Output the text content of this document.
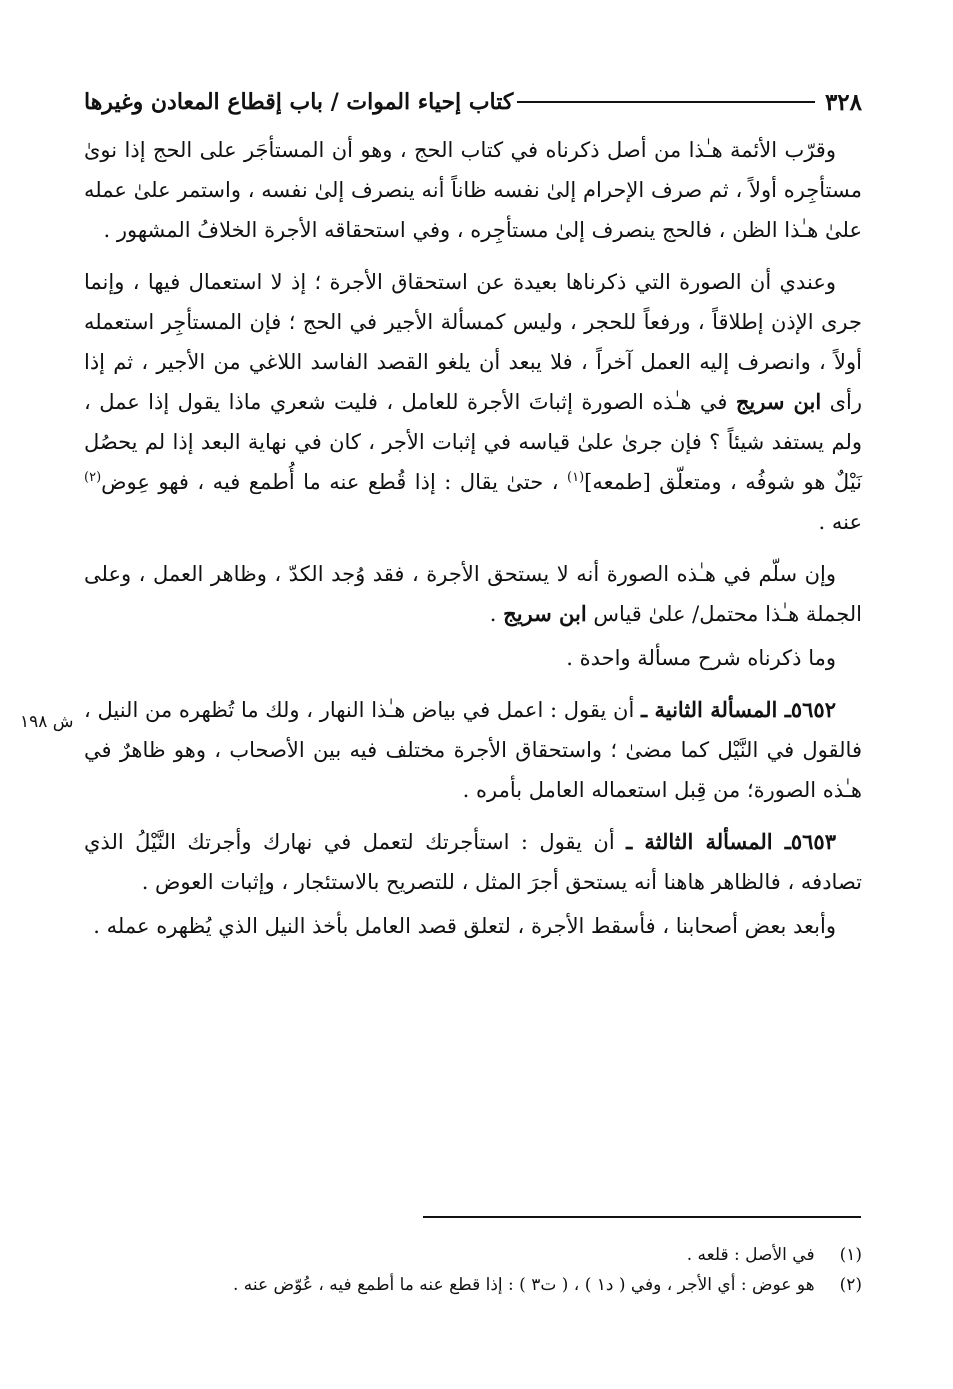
٣٢٨
كتاب إحياء الموات / باب إقطاع المعادن وغيرها

وقرّب الأئمة هـٰذا من أصل ذكرناه في كتاب الحج ، وهو أن المستأجَر على الحج إذا نوىٰ مستأجِره أولاً ، ثم صرف الإحرام إلىٰ نفسه ظاناً أنه ينصرف إلىٰ نفسه ، واستمر علىٰ عمله علىٰ هـٰذا الظن ، فالحج ينصرف إلىٰ مستأجِره ، وفي استحقاقه الأجرة الخلافُ المشهور .

وعندي أن الصورة التي ذكرناها بعيدة عن استحقاق الأجرة ؛ إذ لا استعمال فيها ، وإنما جرى الإذن إطلاقاً ، ورفعاً للحجر ، وليس كمسألة الأجير في الحج ؛ فإن المستأجِر استعمله أولاً ، وانصرف إليه العمل آخراً ، فلا يبعد أن يلغو القصد الفاسد اللاغي من الأجير ، ثم إذا رأى ابن سريج في هـٰذه الصورة إثباتَ الأجرة للعامل ، فليت شعري ماذا يقول إذا عمل ، ولم يستفد شيئاً ؟ فإن جرىٰ علىٰ قياسه في إثبات الأجر ، كان في نهاية البعد إذا لم يحصُل نَيْلٌ هو شوفُه ، ومتعلّق [طمعه]$^{(١)}$ ، حتىٰ يقال : إذا قُطع عنه ما أُطمع فيه ، فهو عِوض$^{(٢)}$ عنه .

وإن سلّم في هـٰذه الصورة أنه لا يستحق الأجرة ، فقد وُجد الكدّ ، وظاهر العمل ، وعلى الجملة هـٰذا محتمل/ علىٰ قياس ابن سريج .

وما ذكرناه شرح مسألة واحدة .

٥٦٥٢ـ المسألة الثانية ـ أن يقول : اعمل في بياض هـٰذا النهار ، ولك ما تُظهره من النيل ، فالقول في النَّيْل كما مضىٰ ؛ واستحقاق الأجرة مختلف فيه بين الأصحاب ، وهو ظاهرٌ في هـٰذه الصورة؛ من قِبل استعماله العامل بأمره .

٥٦٥٣ـ المسألة الثالثة ـ أن يقول : استأجرتك لتعمل في نهارك وأجرتك النَّيْلُ الذي تصادفه ، فالظاهر هاهنا أنه يستحق أجرَ المثل ، للتصريح بالاستئجار ، وإثبات العوض .

وأبعد بعض أصحابنا ، فأسقط الأجرة ، لتعلق قصد العامل بأخذ النيل الذي يُظهره عمله .

ش ١٩٨
(١) في الأصل : قلعه .
(٢) هو عوض : أي الأجر ، وفي ( د١ ) ، ( ت٣ ) : إذا قطع عنه ما أطمع فيه ، عُوّض عنه .
